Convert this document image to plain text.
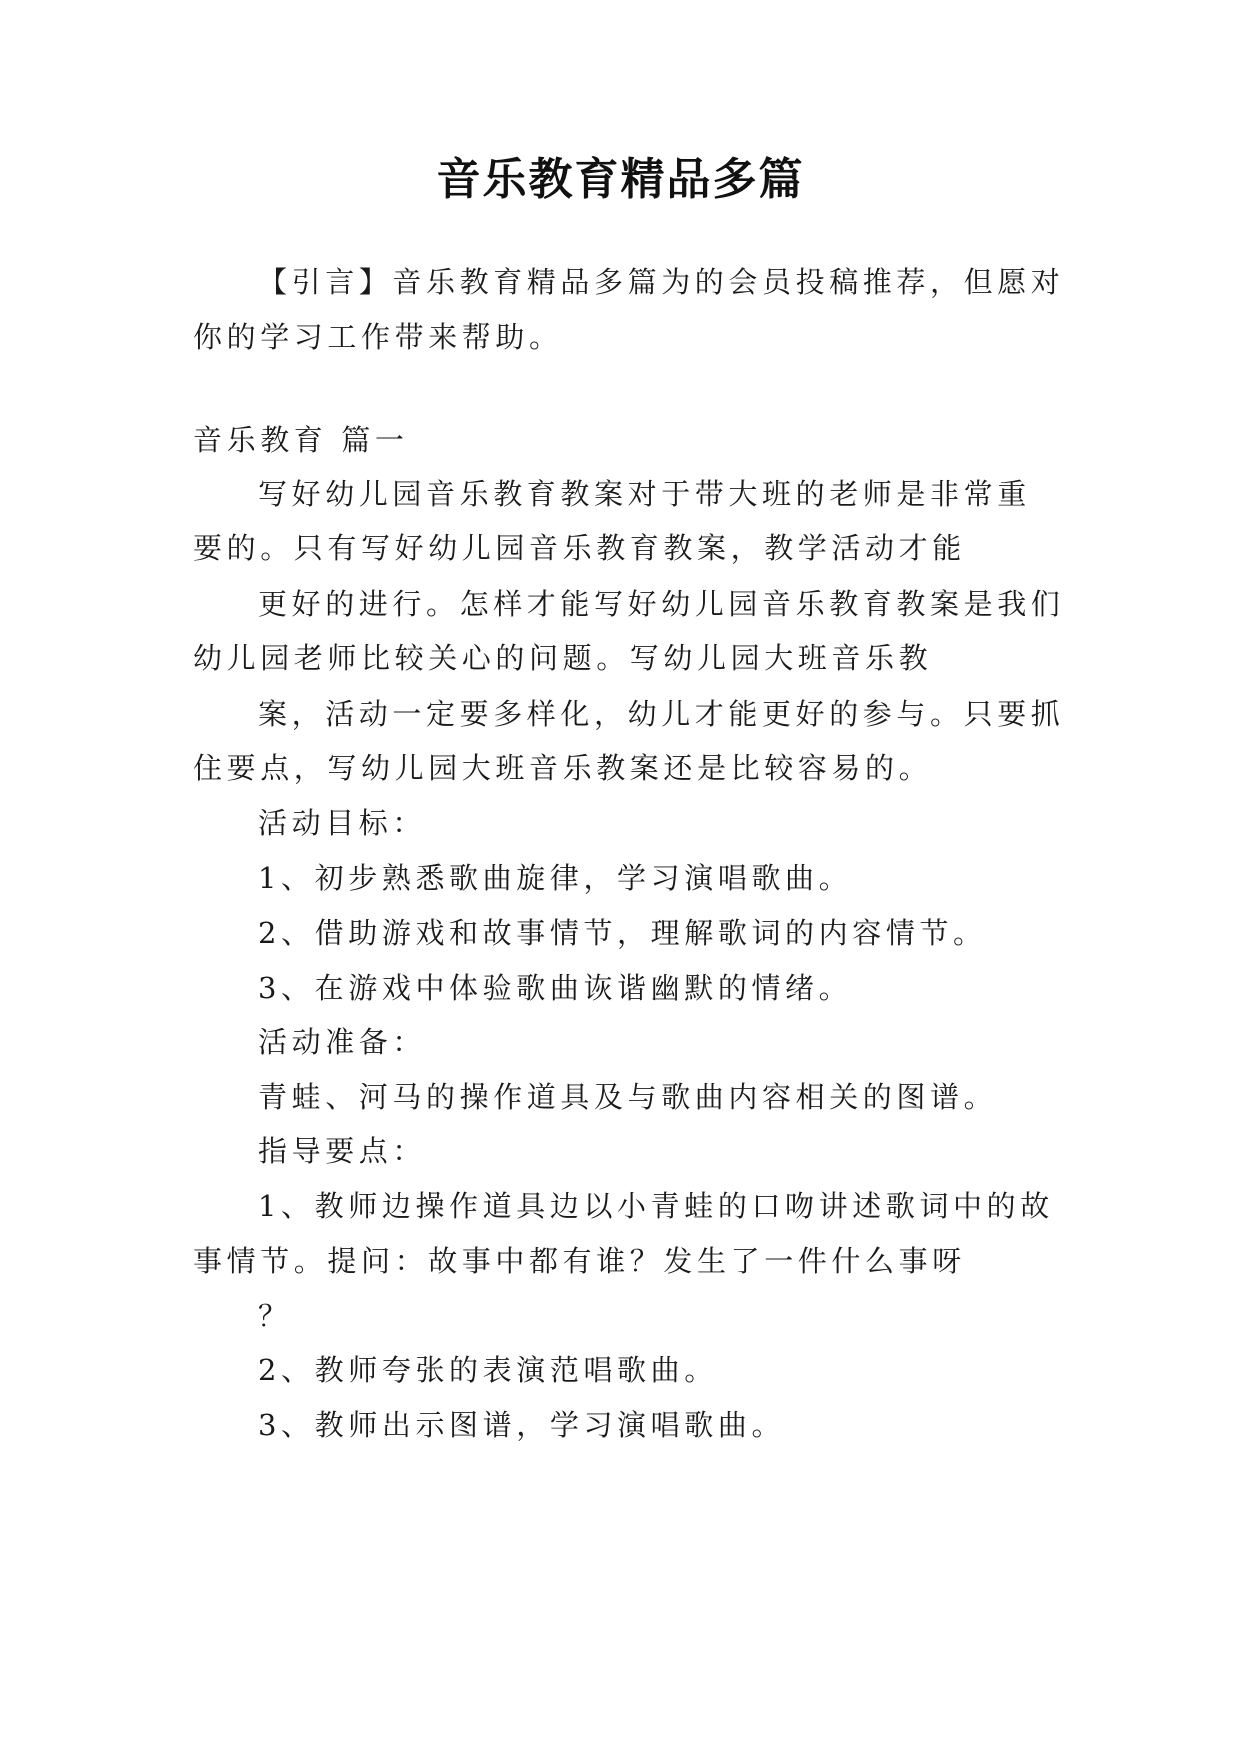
音乐教育精品多篇
【引言】音乐教育精品多篇为的会员投稿推荐，但愿对
你的学习工作带来帮助。
音乐教育 篇一
写好幼儿园音乐教育教案对于带大班的老师是非常重
要的。只有写好幼儿园音乐教育教案，教学活动才能
更好的进行。怎样才能写好幼儿园音乐教育教案是我们
幼儿园老师比较关心的问题。写幼儿园大班音乐教
案，活动一定要多样化，幼儿才能更好的参与。只要抓
住要点，写幼儿园大班音乐教案还是比较容易的。
活动目标：
1、初步熟悉歌曲旋律，学习演唱歌曲。
2、借助游戏和故事情节，理解歌词的内容情节。
3、在游戏中体验歌曲诙谐幽默的情绪。
活动准备：
青蛙、河马的操作道具及与歌曲内容相关的图谱。
指导要点：
1、教师边操作道具边以小青蛙的口吻讲述歌词中的故
事情节。提问：故事中都有谁？发生了一件什么事呀
？
2、教师夸张的表演范唱歌曲。
3、教师出示图谱，学习演唱歌曲。
